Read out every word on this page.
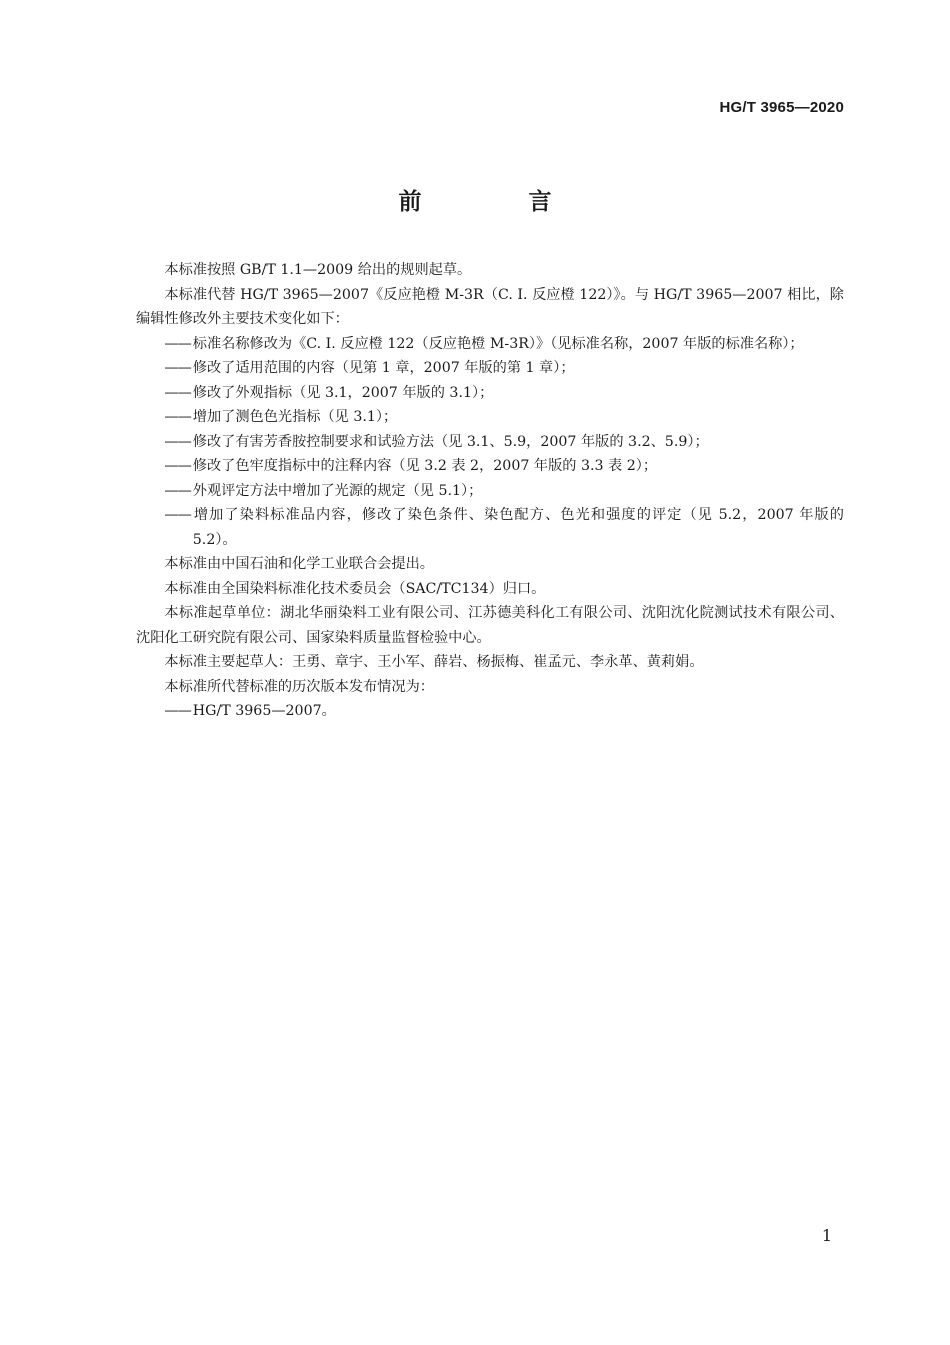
HG/T 3965—2020
前　言

本标准按照 GB/T 1.1—2009 给出的规则起草。

本标准代替 HG/T 3965—2007《反应艳橙 M-3R（C. I. 反应橙 122）》。与 HG/T 3965—2007 相比，除编辑性修改外主要技术变化如下：

—— 标准名称修改为《C. I. 反应橙 122（反应艳橙 M-3R）》（见标准名称，2007 年版的标准名称）；

—— 修改了适用范围的内容（见第 1 章，2007 年版的第 1 章）；

—— 修改了外观指标（见 3.1，2007 年版的 3.1）；

—— 增加了测色色光指标（见 3.1）；

—— 修改了有害芳香胺控制要求和试验方法（见 3.1、5.9，2007 年版的 3.2、5.9）；

—— 修改了色牢度指标中的注释内容（见 3.2 表 2，2007 年版的 3.3 表 2）；

—— 外观评定方法中增加了光源的规定（见 5.1）；

—— 增加了染料标准品内容，修改了染色条件、染色配方、色光和强度的评定（见 5.2，2007 年版的 5.2）。

本标准由中国石油和化学工业联合会提出。

本标准由全国染料标准化技术委员会（SAC/TC134）归口。

本标准起草单位：湖北华丽染料工业有限公司、江苏德美科化工有限公司、沈阳沈化院测试技术有限公司、沈阳化工研究院有限公司、国家染料质量监督检验中心。

本标准主要起草人：王勇、章宇、王小军、薛岩、杨振梅、崔孟元、李永革、黄莉娟。

本标准所代替标准的历次版本发布情况为：

—— HG/T 3965—2007。

1
